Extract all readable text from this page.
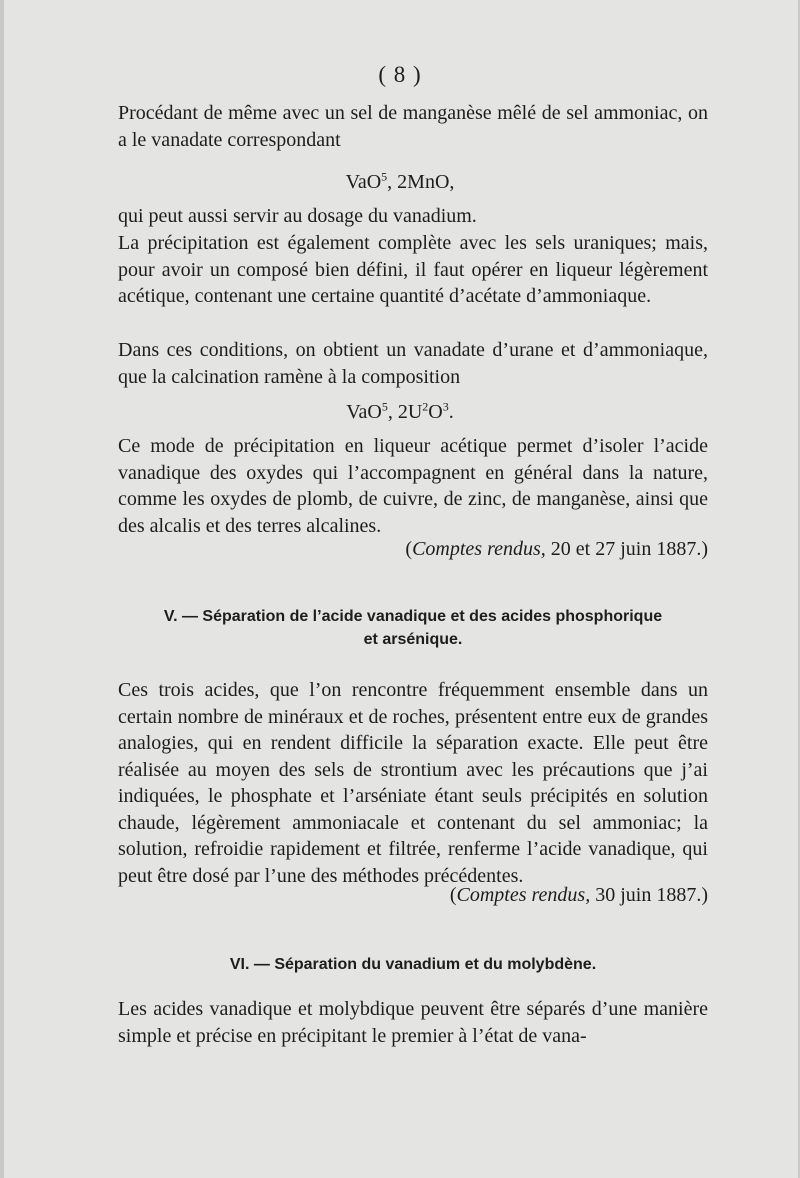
( 8 )

Procédant de même avec un sel de manganèse mêlé de sel ammoniac, on a le vanadate correspondant

VaO$^5$, 2MnO,

qui peut aussi servir au dosage du vanadium.

La précipitation est également complète avec les sels uraniques; mais, pour avoir un composé bien défini, il faut opérer en liqueur légèrement acétique, contenant une certaine quantité d’acétate d’ammoniaque.

Dans ces conditions, on obtient un vanadate d’urane et d’ammoniaque, que la calcination ramène à la composition

VaO$^5$, $2U^2O^3$.

Ce mode de précipitation en liqueur acétique permet d’isoler l’acide vanadique des oxydes qui l’accompagnent en général dans la nature, comme les oxydes de plomb, de cuivre, de zinc, de manganèse, ainsi que des alcalis et des terres alcalines.

(Comptes rendus, 20 et 27 juin 1887.)
V. — Séparation de l’acide vanadique et des acides phosphorique
et arsénique.

Ces trois acides, que l’on rencontre fréquemment ensemble dans un certain nombre de minéraux et de roches, présentent entre eux de grandes analogies, qui en rendent difficile la séparation exacte. Elle peut être réalisée au moyen des sels de strontium avec les précautions que j’ai indiquées, le phosphate et l’arséniate étant seuls précipités en solution chaude, légèrement ammoniacale et contenant du sel ammoniac; la solution, refroidie rapidement et filtrée, renferme l’acide vanadique, qui peut être dosé par l’une des méthodes précédentes.

(Comptes rendus, 30 juin 1887.)
VI. — Séparation du vanadium et du molybdène.

Les acides vanadique et molybdique peuvent être séparés d’une manière simple et précise en précipitant le premier à l’état de vana-
